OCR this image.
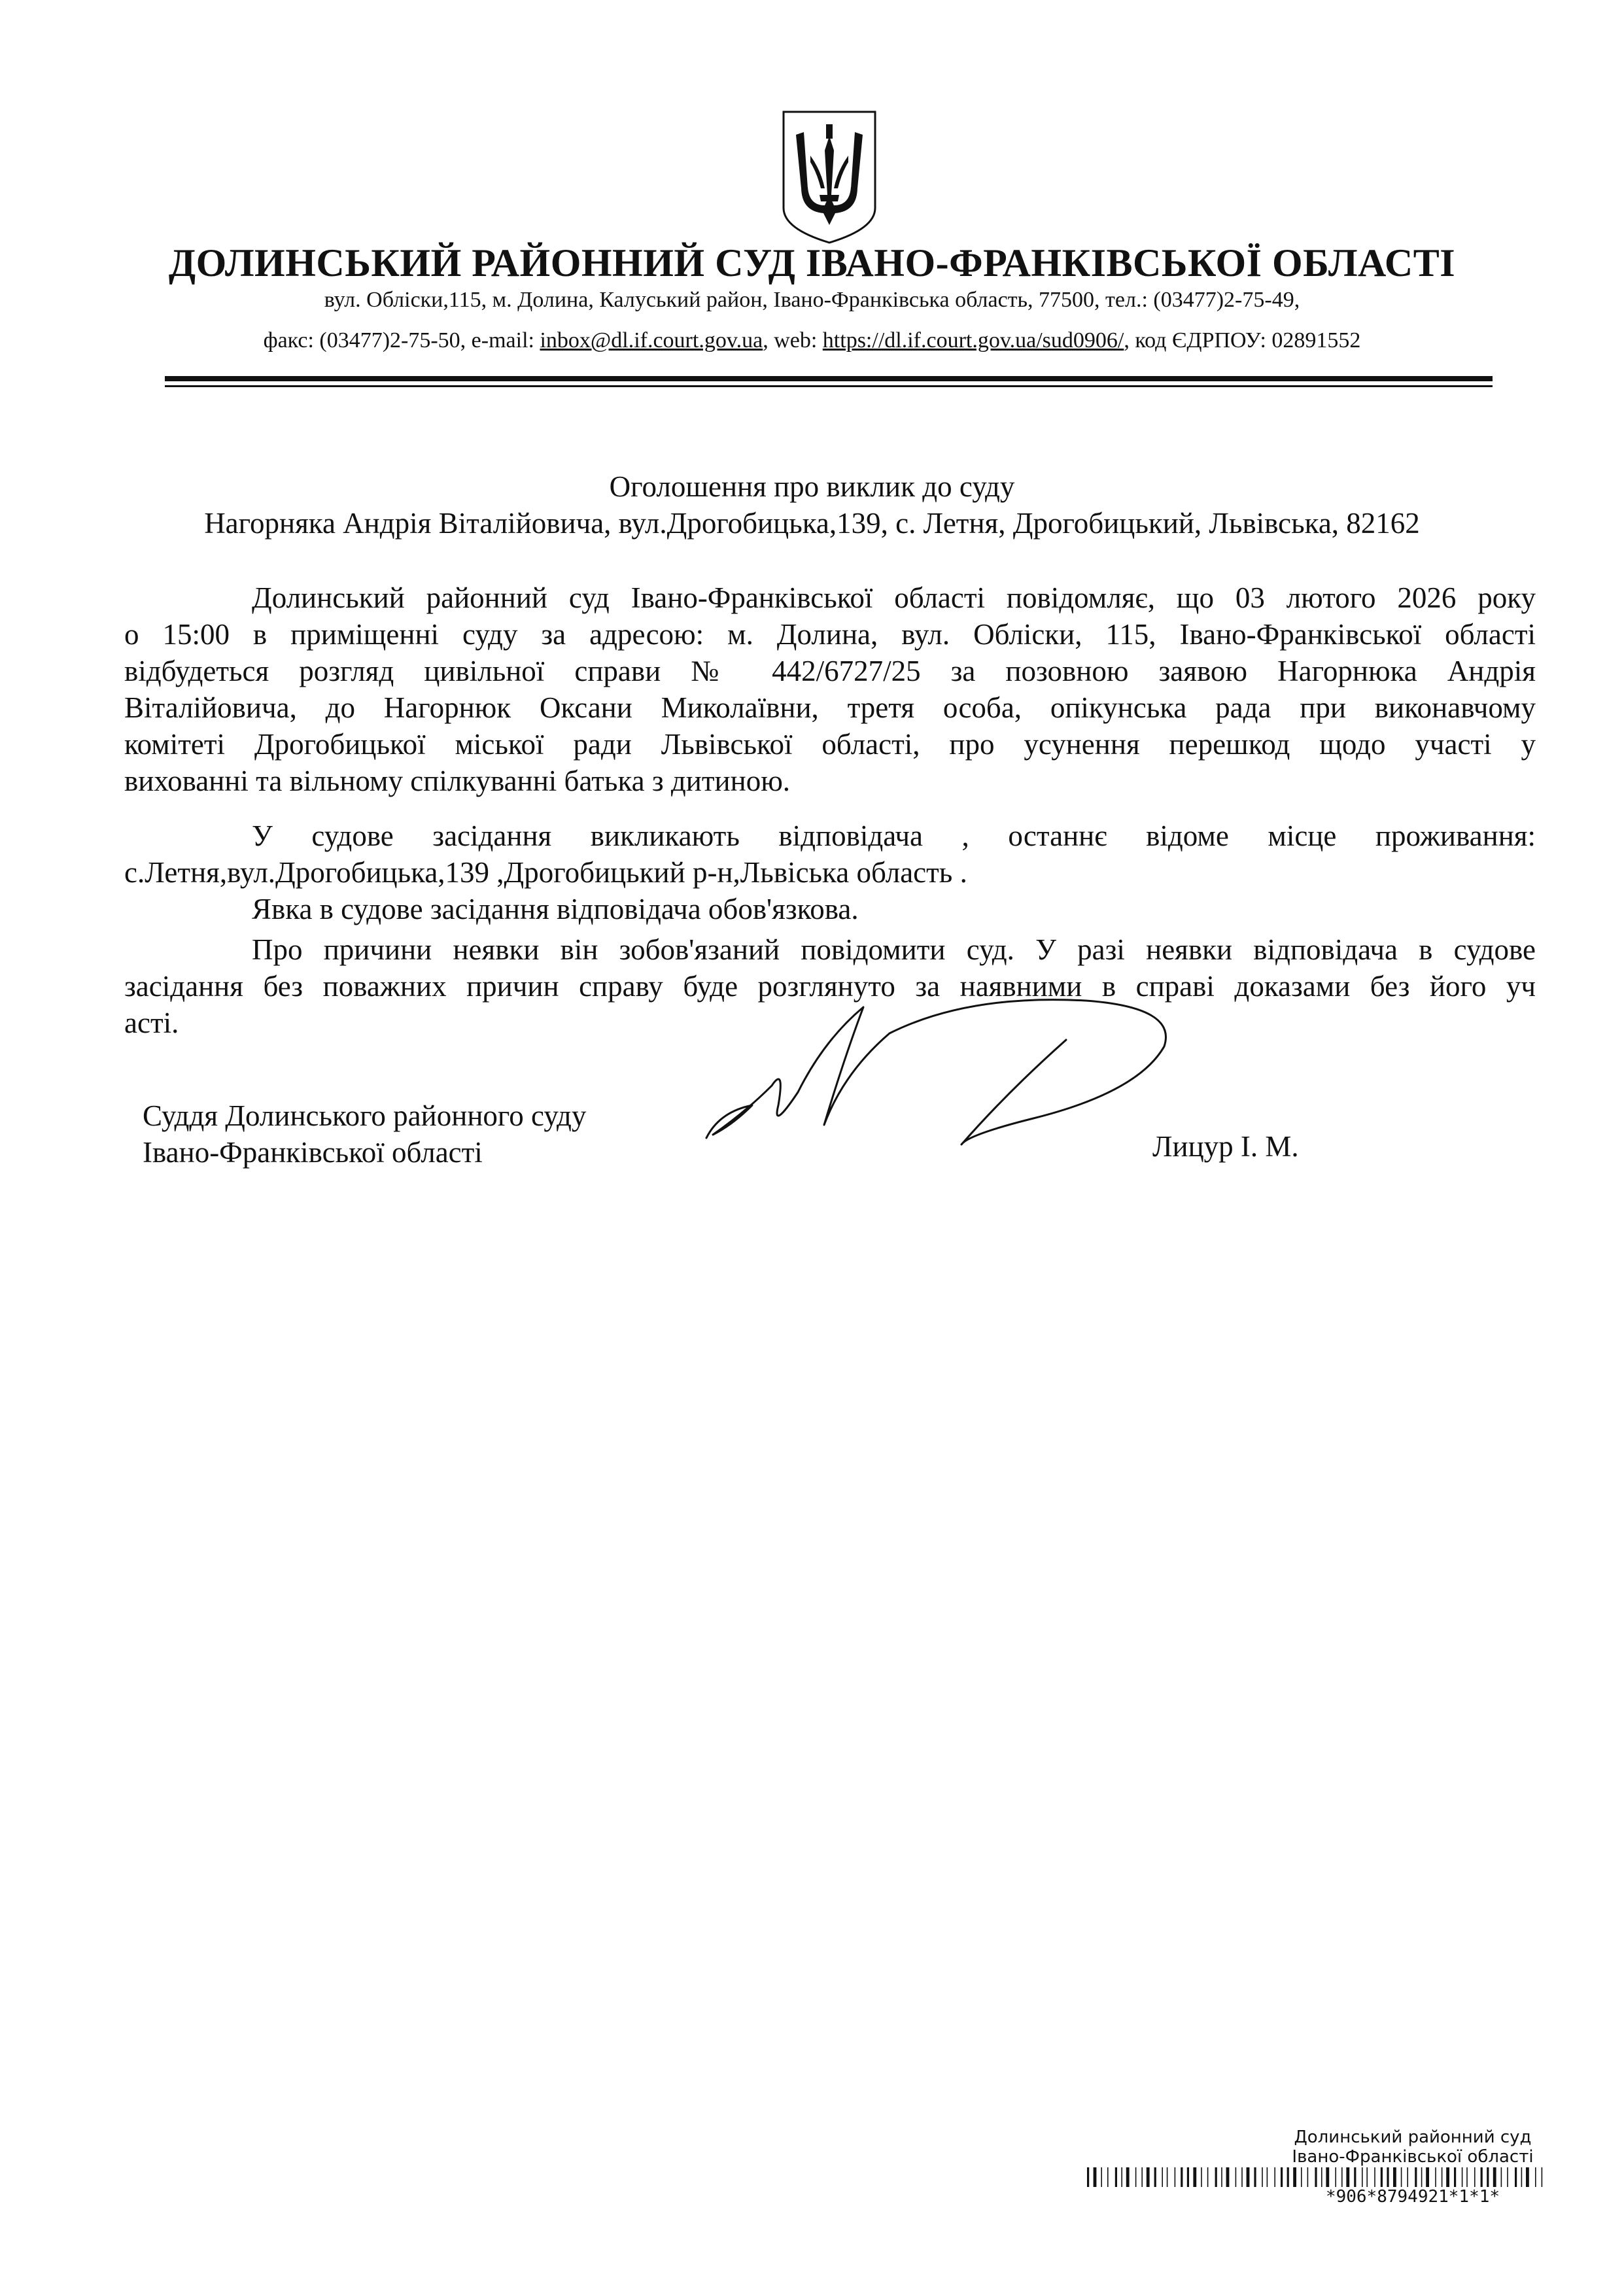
ДОЛИНСЬКИЙ РАЙОННИЙ СУД ІВАНО-ФРАНКІВСЬКОЇ ОБЛАСТІ
вул. Обліски,115, м. Долина, Калуський район, Івано-Франківська область, 77500, тел.: (03477)2-75-49,
факс: (03477)2-75-50, e-mail: inbox@dl.if.court.gov.ua, web: https://dl.if.court.gov.ua/sud0906/, код ЄДРПОУ: 02891552
Оголошення про виклик до суду
Нагорняка Андрія Віталійовича, вул.Дрогобицька,139, с. Летня, Дрогобицький, Львівська, 82162
Долинський районний суд Івано-Франківської області повідомляє, що 03 лютого 2026 року
о 15:00 в приміщенні суду за адресою: м. Долина, вул. Обліски, 115, Івано-Франківської області
відбудеться розгляд цивільної справи № 442/6727/25 за позовною заявою Нагорнюка Андрія
Віталійовича, до Нагорнюк Оксани Миколаївни, третя особа, опікунська рада при виконавчому
комітеті Дрогобицької міської ради Львівської області, про усунення перешкод щодо участі у
вихованні та вільному спілкуванні батька з дитиною.
У судове засідання викликають відповідача , останнє відоме місце проживання:
с.Летня,вул.Дрогобицька,139 ,Дрогобицький р-н,Львіська область .
Явка в судове засідання відповідача обов'язкова.
Про причини неявки він зобов'язаний повідомити суд. У разі неявки відповідача в судове
засідання без поважних причин справу буде розглянуто за наявними в справі доказами без його уч
асті.
Суддя Долинського районного суду
Івано-Франківської області	Лицур І. М.
Долинський районний суд
Івано-Франківської області
*906*8794921*1*1*
